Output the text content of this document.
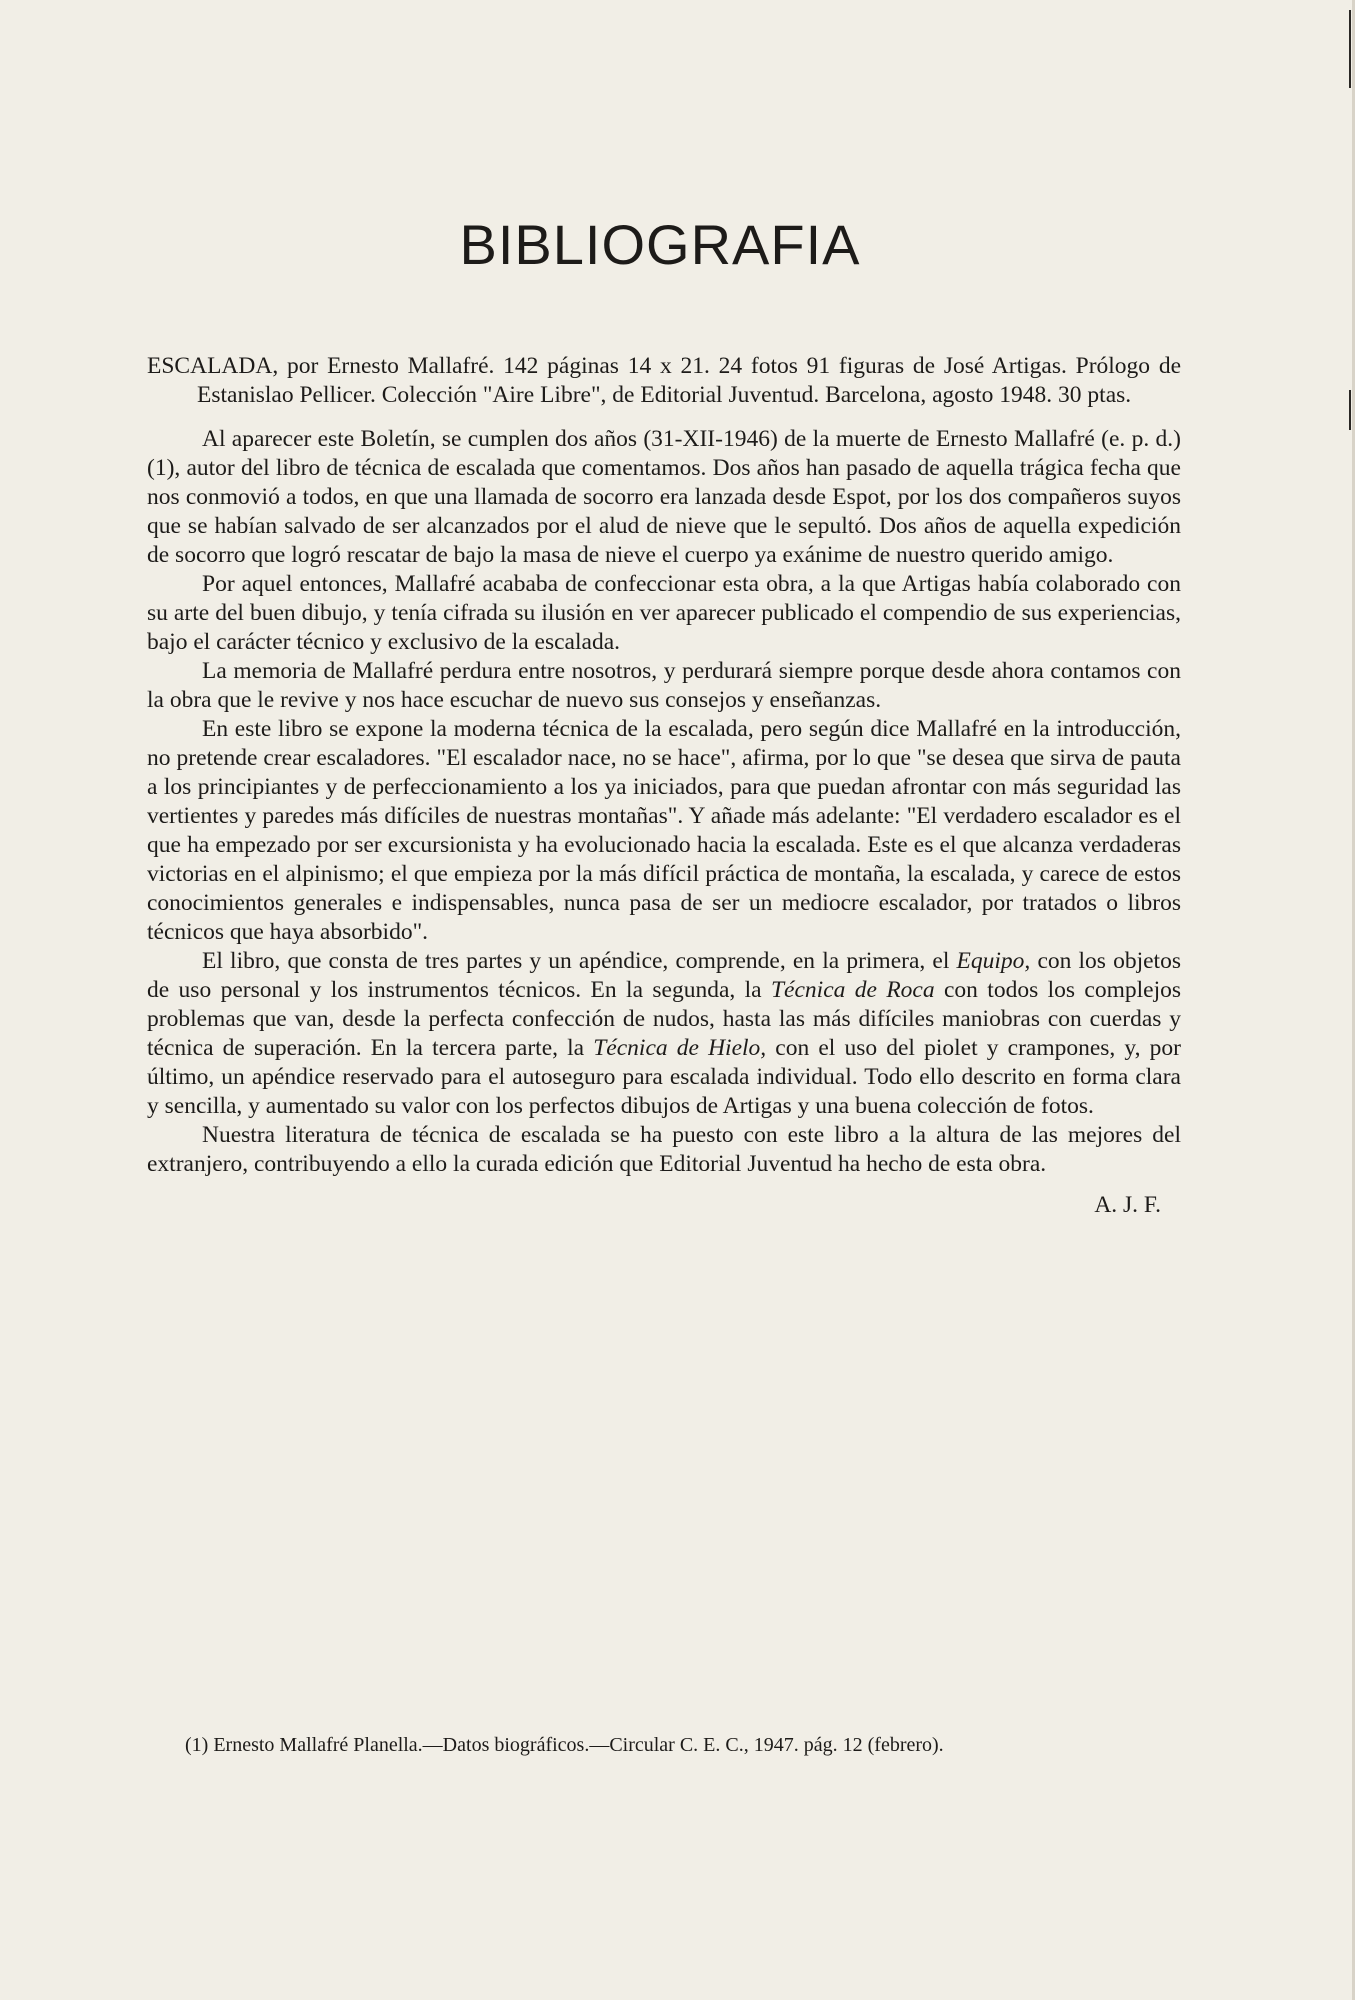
BIBLIOGRAFIA

ESCALADA, por Ernesto Mallafré. 142 páginas 14 x 21. 24 fotos 91 figuras de José Artigas. Prólogo de Estanislao Pellicer. Colección "Aire Libre", de Editorial Juventud. Barcelona, agosto 1948. 30 ptas.

Al aparecer este Boletín, se cumplen dos años (31-XII-1946) de la muerte de Ernesto Mallafré (e. p. d.) (1), autor del libro de técnica de escalada que comentamos. Dos años han pasado de aquella trágica fecha que nos conmovió a todos, en que una llamada de socorro era lanzada desde Espot, por los dos compañeros suyos que se habían salvado de ser alcanzados por el alud de nieve que le sepultó. Dos años de aquella expedición de socorro que logró rescatar de bajo la masa de nieve el cuerpo ya exánime de nuestro querido amigo.

Por aquel entonces, Mallafré acababa de confeccionar esta obra, a la que Artigas había colaborado con su arte del buen dibujo, y tenía cifrada su ilusión en ver aparecer publicado el compendio de sus experiencias, bajo el carácter técnico y exclusivo de la escalada.

La memoria de Mallafré perdura entre nosotros, y perdurará siempre porque desde ahora contamos con la obra que le revive y nos hace escuchar de nuevo sus consejos y enseñanzas.

En este libro se expone la moderna técnica de la escalada, pero según dice Mallafré en la introducción, no pretende crear escaladores. "El escalador nace, no se hace", afirma, por lo que "se desea que sirva de pauta a los principiantes y de perfeccionamiento a los ya iniciados, para que puedan afrontar con más seguridad las vertientes y paredes más difíciles de nuestras montañas". Y añade más adelante: "El verdadero escalador es el que ha empezado por ser excursionista y ha evolucionado hacia la escalada. Este es el que alcanza verdaderas victorias en el alpinismo; el que empieza por la más difícil práctica de montaña, la escalada, y carece de estos conocimientos generales e indispensables, nunca pasa de ser un mediocre escalador, por tratados o libros técnicos que haya absorbido".

El libro, que consta de tres partes y un apéndice, comprende, en la primera, el Equipo, con los objetos de uso personal y los instrumentos técnicos. En la segunda, la Técnica de Roca con todos los complejos problemas que van, desde la perfecta confección de nudos, hasta las más difíciles maniobras con cuerdas y técnica de superación. En la tercera parte, la Técnica de Hielo, con el uso del piolet y crampones, y, por último, un apéndice reservado para el autoseguro para escalada individual. Todo ello descrito en forma clara y sencilla, y aumentado su valor con los perfectos dibujos de Artigas y una buena colección de fotos.

Nuestra literatura de técnica de escalada se ha puesto con este libro a la altura de las mejores del extranjero, contribuyendo a ello la curada edición que Editorial Juventud ha hecho de esta obra.

A. J. F.

(1) Ernesto Mallafré Planella.—Datos biográficos.—Circular C. E. C., 1947. pág. 12 (febrero).
